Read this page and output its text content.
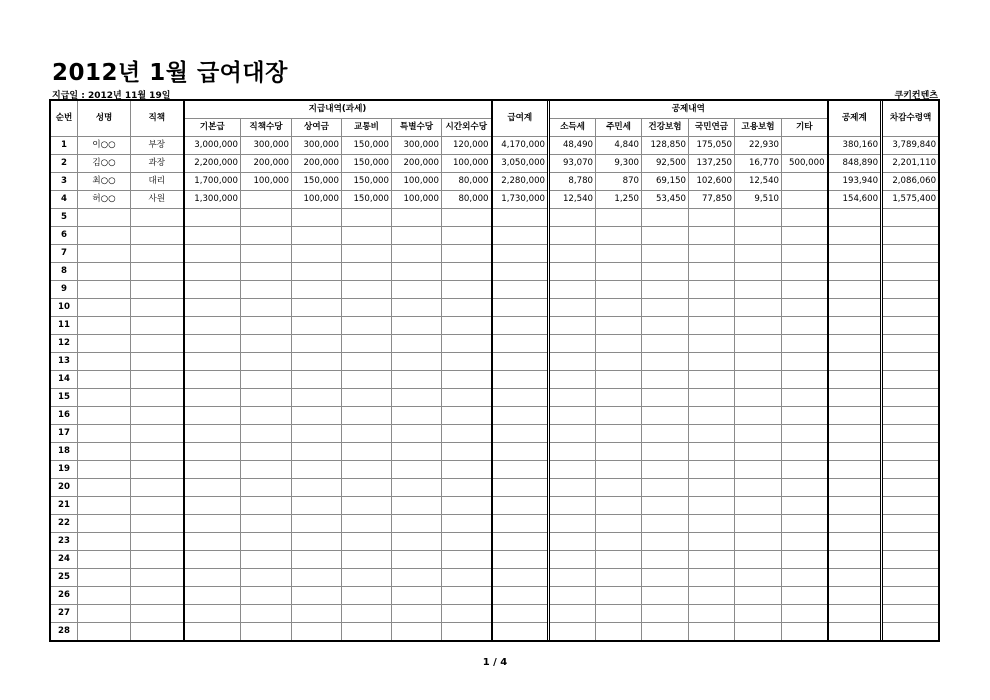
2012년 1월 급여대장
지급일 : 2012년 11월 19일	쿠키컨텐츠
순번	성명	직책	지급내역(과세)						급여계	공제내역						공제계	차감수령액
			기본급	직책수당	상여금	교통비	특별수당	시간외수당		소득세	주민세	건강보험	국민연금	고용보험	기타		
1	이○○	부장	3,000,000	300,000	300,000	150,000	300,000	120,000	4,170,000	48,490	4,840	128,850	175,050	22,930		380,160	3,789,840
2	김○○	과장	2,200,000	200,000	200,000	150,000	200,000	100,000	3,050,000	93,070	9,300	92,500	137,250	16,770	500,000	848,890	2,201,110
3	최○○	대리	1,700,000	100,000	150,000	150,000	100,000	80,000	2,280,000	8,780	870	69,150	102,600	12,540		193,940	2,086,060
4	허○○	사원	1,300,000		100,000	150,000	100,000	80,000	1,730,000	12,540	1,250	53,450	77,850	9,510		154,600	1,575,400
5																	
6																	
7																	
8																	
9																	
10																	
11																	
12																	
13																	
14																	
15																	
16																	
17																	
18																	
19																	
20																	
21																	
22																	
23																	
24																	
25																	
26																	
27																	
28																	
1 / 4
